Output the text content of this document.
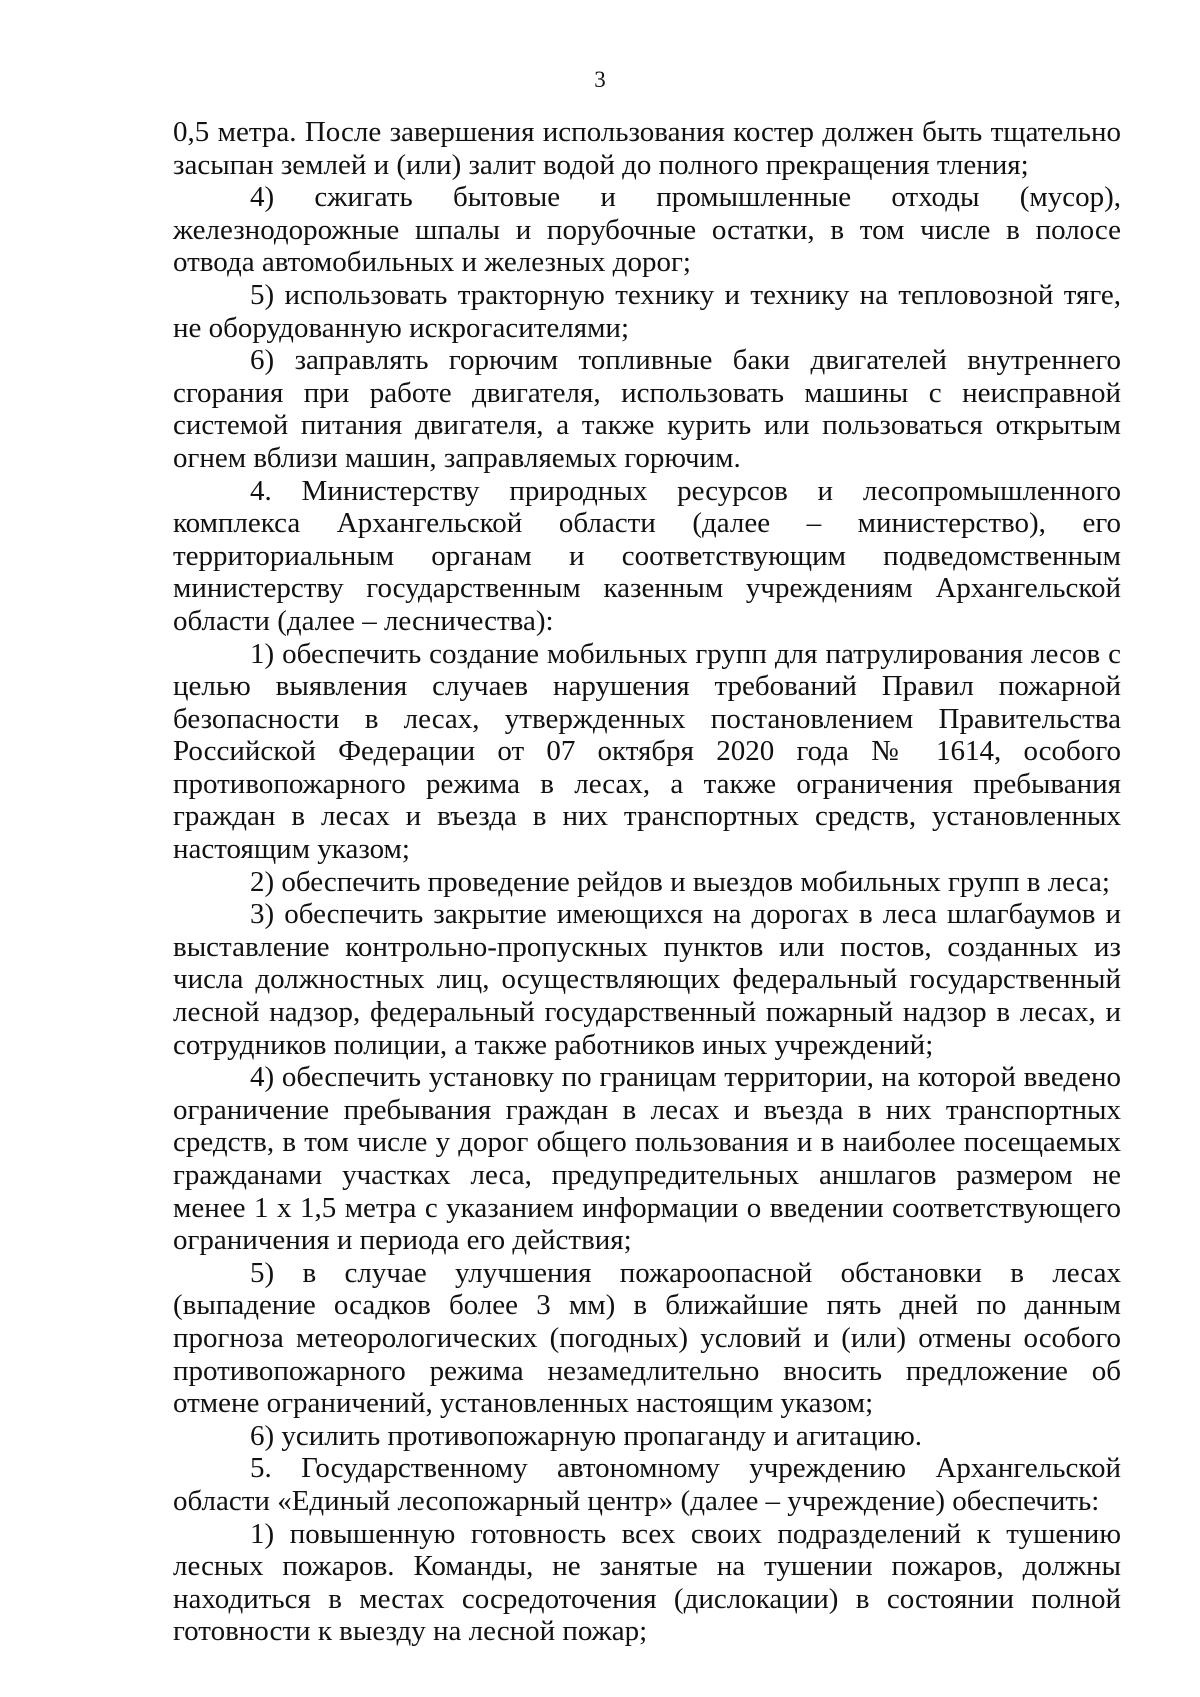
3

0,5 метра. После завершения использования костер должен быть тщательно засыпан землей и (или) залит водой до полного прекращения тления;

4) сжигать бытовые и промышленные отходы (мусор), железнодорожные шпалы и порубочные остатки, в том числе в полосе отвода автомобильных и железных дорог;

5) использовать тракторную технику и технику на тепловозной тяге, не оборудованную искрогасителями;

6) заправлять горючим топливные баки двигателей внутреннего сгорания при работе двигателя, использовать машины с неисправной системой питания двигателя, а также курить или пользоваться открытым огнем вблизи машин, заправляемых горючим.

4. Министерству природных ресурсов и лесопромышленного комплекса Архангельской области (далее – министерство), его территориальным органам и соответствующим подведомственным министерству государственным казенным учреждениям Архангельской области (далее – лесничества):

1) обеспечить создание мобильных групп для патрулирования лесов с целью выявления случаев нарушения требований Правил пожарной безопасности в лесах, утвержденных постановлением Правительства Российской Федерации от 07 октября 2020 года № 1614, особого противопожарного режима в лесах, а также ограничения пребывания граждан в лесах и въезда в них транспортных средств, установленных настоящим указом;

2) обеспечить проведение рейдов и выездов мобильных групп в леса;

3) обеспечить закрытие имеющихся на дорогах в леса шлагбаумов и выставление контрольно-пропускных пунктов или постов, созданных из числа должностных лиц, осуществляющих федеральный государственный лесной надзор, федеральный государственный пожарный надзор в лесах, и сотрудников полиции, а также работников иных учреждений;

4) обеспечить установку по границам территории, на которой введено ограничение пребывания граждан в лесах и въезда в них транспортных средств, в том числе у дорог общего пользования и в наиболее посещаемых гражданами участках леса, предупредительных аншлагов размером не менее 1 х 1,5 метра с указанием информации о введении соответствующего ограничения и периода его действия;

5) в случае улучшения пожароопасной обстановки в лесах (выпадение осадков более 3 мм) в ближайшие пять дней по данным прогноза метеорологических (погодных) условий и (или) отмены особого противопожарного режима незамедлительно вносить предложение об отмене ограничений, установленных настоящим указом;

6) усилить противопожарную пропаганду и агитацию.

5. Государственному автономному учреждению Архангельской области «Единый лесопожарный центр» (далее – учреждение) обеспечить:

1) повышенную готовность всех своих подразделений к тушению лесных пожаров. Команды, не занятые на тушении пожаров, должны находиться в местах сосредоточения (дислокации) в состоянии полной готовности к выезду на лесной пожар;
